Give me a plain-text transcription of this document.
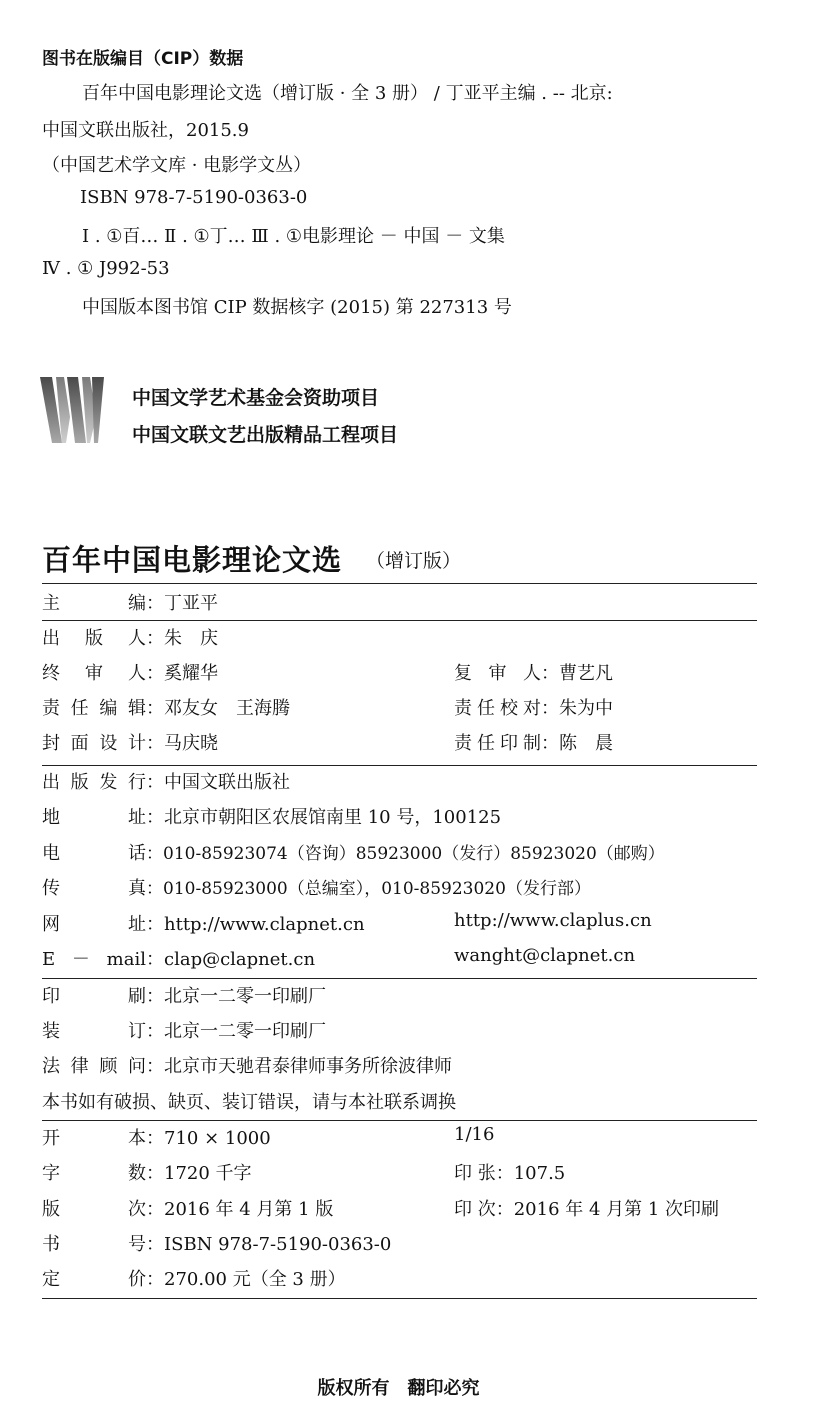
图书在版编目（CIP）数据
百年中国电影理论文选（增订版 · 全 3 册） / 丁亚平主编 . -- 北京:
中国文联出版社，2015.9
（中国艺术学文库 · 电影学文丛）
ISBN 978-7-5190-0363-0
Ⅰ . ①百… Ⅱ . ①丁… Ⅲ . ①电影理论 － 中国 － 文集
Ⅳ . ① J992-53
中国版本图书馆 CIP 数据核字 (2015) 第 227313 号
中国文学艺术基金会资助项目
中国文联文艺出版精品工程项目
百年中国电影理论文选 （增订版）
主　　编 ：丁亚平
出 版 人 ：朱　庆
终 审 人 ：奚耀华	复 审 人 ：曹艺凡
责任编辑 ：邓友女　王海腾	责任校对 ：朱为中
封面设计 ：马庆晓	责任印制 ：陈　晨
出版发行 ：中国文联出版社
地　　址 ：北京市朝阳区农展馆南里 10 号，100125
电　　话 ：010-85923074（咨询）85923000（发行）85923020（邮购）
传　　真 ：010-85923000（总编室），010-85923020（发行部）
网　　址 ：http://www.clapnet.cn	http://www.claplus.cn
E － mail ：clap@clapnet.cn	wanght@clapnet.cn
印　　刷 ：北京一二零一印刷厂
装　　订 ：北京一二零一印刷厂
法律顾问 ：北京市天驰君泰律师事务所徐波律师
本书如有破损、缺页、装订错误，请与本社联系调换
开　　本 ：710 × 1000	1/16
字　　数 ：1720 千字	印 张：107.5
版　　次 ：2016 年 4 月第 1 版	印 次：2016 年 4 月第 1 次印刷
书　　号 ：ISBN 978-7-5190-0363-0
定　　价 ：270.00 元（全 3 册）
版权所有　翻印必究
